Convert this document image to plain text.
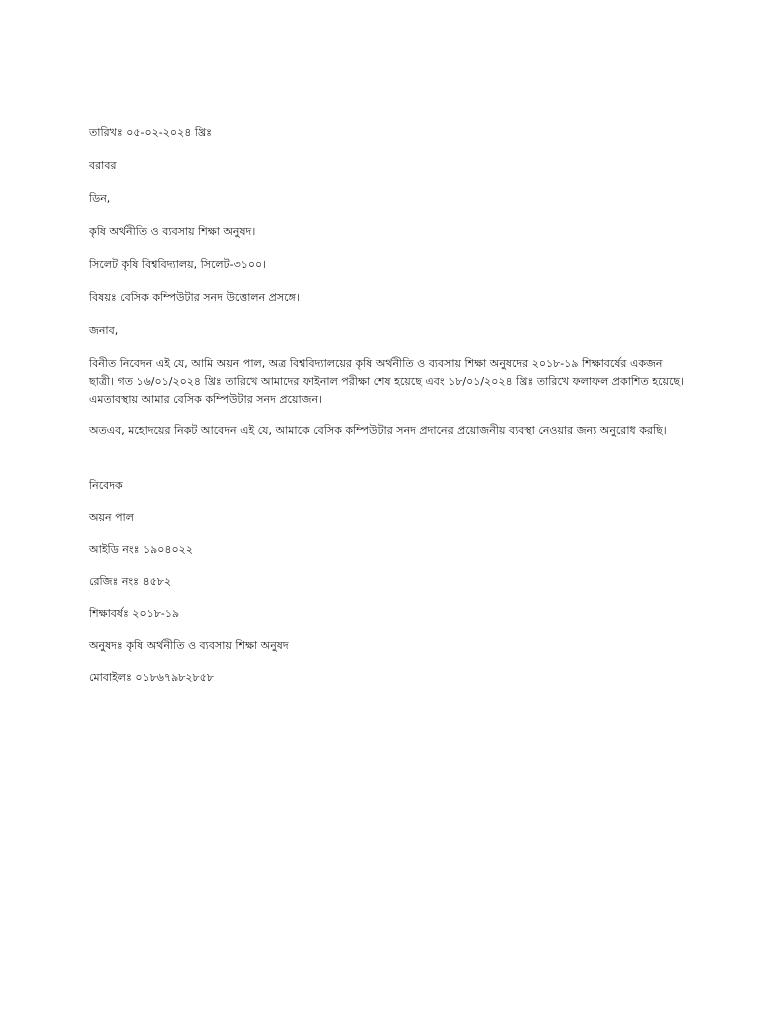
তারিখঃ ০৫-০২-২০২৪ খ্রিঃ

বরাবর

ডিন,

কৃষি অর্থনীতি ও ব্যবসায় শিক্ষা অনুষদ।

সিলেট কৃষি বিশ্ববিদ্যালয়, সিলেট-৩১০০।

বিষয়ঃ বেসিক কম্পিউটার সনদ উত্তোলন প্রসঙ্গে।

জনাব,

বিনীত নিবেদন এই যে, আমি অয়ন পাল, অত্র বিশ্ববিদ্যালয়ের কৃষি অর্থনীতি ও ব্যবসায় শিক্ষা অনুষদের ২০১৮-১৯ শিক্ষাবর্ষের একজন ছাত্রী। গত ১৬/০১/২০২৪ খ্রিঃ তারিখে আমাদের ফাইনাল পরীক্ষা শেষ হয়েছে এবং ১৮/০১/২০২৪ খ্রিঃ তারিখে ফলাফল প্রকাশিত হয়েছে। এমতাবস্থায় আমার বেসিক কম্পিউটার সনদ প্রয়োজন।

অতএব, মহোদয়ের নিকট আবেদন এই যে, আমাকে বেসিক কম্পিউটার সনদ প্রদানের প্রয়োজনীয় ব্যবস্থা নেওয়ার জন্য অনুরোধ করছি।

নিবেদক

অয়ন পাল

আইডি নংঃ ১৯০৪০২২

রেজিঃ নংঃ ৪৫৮২

শিক্ষাবর্ষঃ ২০১৮-১৯

অনুষদঃ কৃষি অর্থনীতি ও ব্যবসায় শিক্ষা অনুষদ

মোবাইলঃ ০১৮৬৭৯৮২৮৫৮
